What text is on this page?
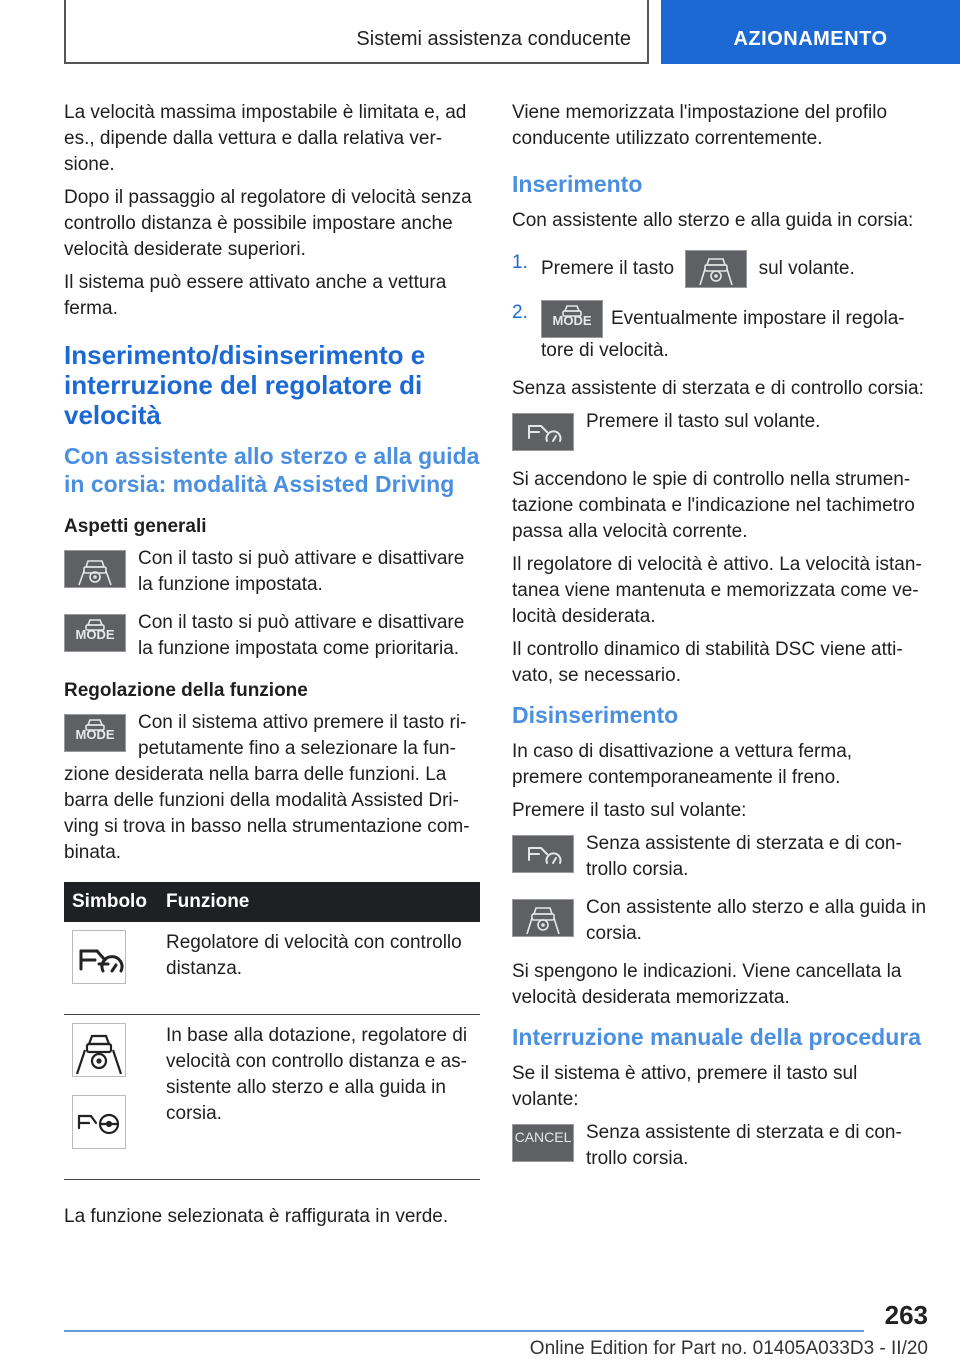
Sistemi assistenza conducente	AZIONAMENTO

La velocità massima impostabile è limitata e, ad es., dipende dalla vettura e dalla relativa versione.

Dopo il passaggio al regolatore di velocità senza controllo distanza è possibile impostare anche velocità desiderate superiori.

Il sistema può essere attivato anche a vettura ferma.

Inserimento/disinserimento e interruzione del regolatore di velocità
Con assistente allo sterzo e alla guida in corsia: modalità Assisted Driving
Aspetti generali
Con il tasto si può attivare e disattivare la funzione impostata.
MODE
Con il tasto si può attivare e disattivare la funzione impostata come prioritaria.
Regolazione della funzione
MODE
Con il sistema attivo premere il tasto ripetutamente fino a selezionare la funzione desiderata nella barra delle funzioni. La barra delle funzioni della modalità Assisted Driving si trova in basso nella strumentazione combinata.
Simbolo	Funzione

	Regolatore di velocità con controllo distanza.

	In base alla dotazione, regolatore di velocità con controllo distanza e assistente allo sterzo e alla guida in corsia.

La funzione selezionata è raffigurata in verde.

Viene memorizzata l'impostazione del profilo conducente utilizzato correntemente.

Inserimento

Con assistente allo sterzo e alla guida in corsia:

1. Premere il tasto	sul volante.
2.	MODE	Eventualmente impostare il regolatore di velocità.

Senza assistente di sterzata e di controllo corsia:

Premere il tasto sul volante.

Si accendono le spie di controllo nella strumentazione combinata e l'indicazione nel tachimetro passa alla velocità corrente.

Il regolatore di velocità è attivo. La velocità istantanea viene mantenuta e memorizzata come velocità desiderata.

Il controllo dinamico di stabilità DSC viene attivato, se necessario.

Disinserimento

In caso di disattivazione a vettura ferma, premere contemporaneamente il freno.

Premere il tasto sul volante:

Senza assistente di sterzata e di controllo corsia.
Con assistente allo sterzo e alla guida in corsia.

Si spengono le indicazioni. Viene cancellata la velocità desiderata memorizzata.

Interruzione manuale della procedura

Se il sistema è attivo, premere il tasto sul volante:

CANCEL Senza assistente di sterzata e di controllo corsia.
263
Online Edition for Part no. 01405A033D3 - II/20
